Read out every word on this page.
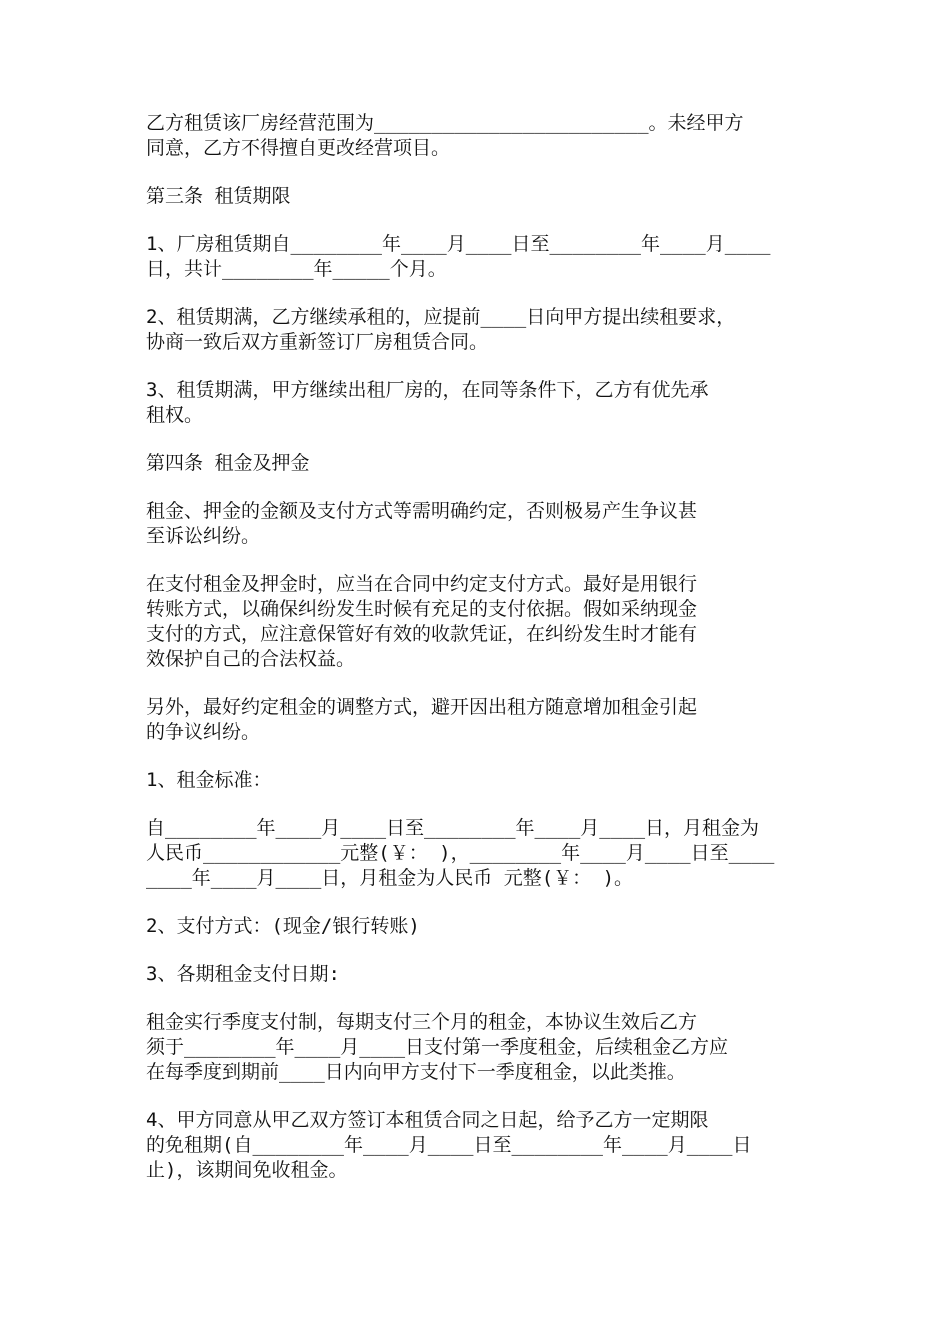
乙方租赁该厂房经营范围为________________________。未经甲方
同意，乙方不得擅自更改经营项目。
第三条 租赁期限
1、厂房租赁期自________年____月____日至________年____月____
日，共计________年_____个月。
2、租赁期满，乙方继续承租的，应提前____日向甲方提出续租要求，
协商一致后双方重新签订厂房租赁合同。
3、租赁期满，甲方继续出租厂房的，在同等条件下，乙方有优先承
租权。
第四条 租金及押金
租金、押金的金额及支付方式等需明确约定，否则极易产生争议甚
至诉讼纠纷。
在支付租金及押金时，应当在合同中约定支付方式。最好是用银行
转账方式，以确保纠纷发生时候有充足的支付依据。假如采纳现金
支付的方式，应注意保管好有效的收款凭证，在纠纷发生时才能有
效保护自己的合法权益。
另外，最好约定租金的调整方式，避开因出租方随意增加租金引起
的争议纠纷。
1、租金标准：
自________年____月____日至________年____月____日，月租金为
人民币____________元整(￥： )，________年____月____日至____
____年____月____日，月租金为人民币 元整(￥： )。
2、支付方式：(现金/银行转账)
3、各期租金支付日期:
租金实行季度支付制，每期支付三个月的租金，本协议生效后乙方
须于________年____月____日支付第一季度租金，后续租金乙方应
在每季度到期前____日内向甲方支付下一季度租金，以此类推。
4、甲方同意从甲乙双方签订本租赁合同之日起，给予乙方一定期限
的免租期(自________年____月____日至________年____月____日
止)，该期间免收租金。
